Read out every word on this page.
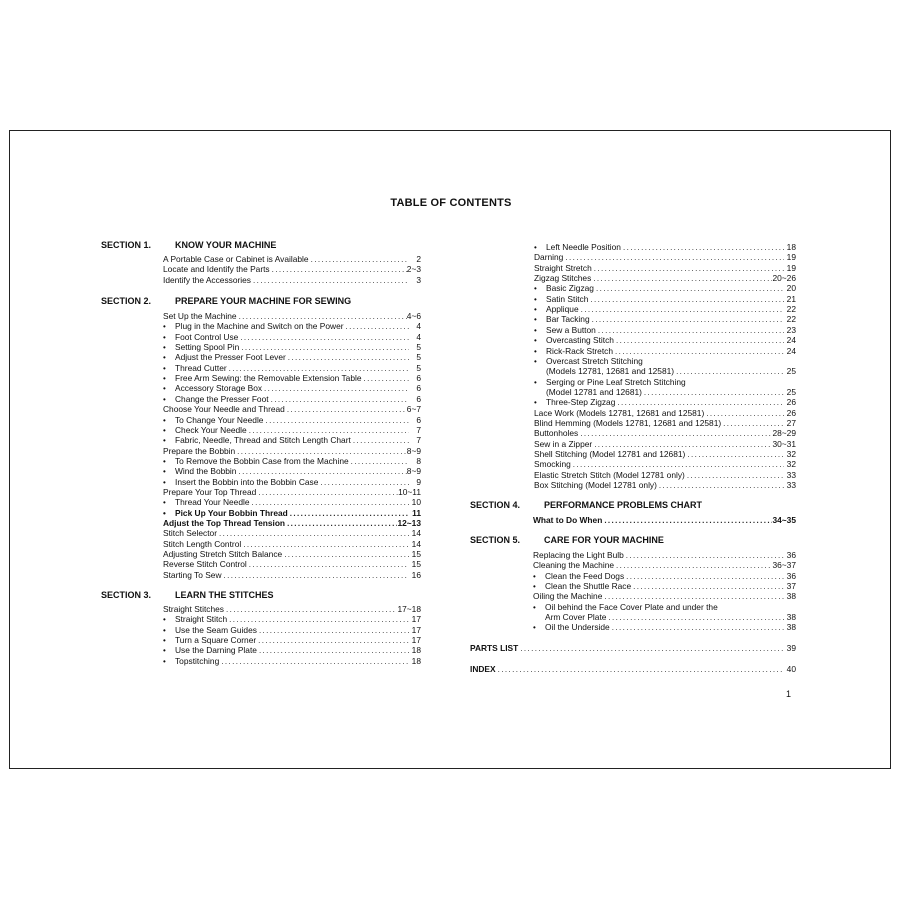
TABLE OF CONTENTS
SECTION 1.	KNOW YOUR MACHINE
A Portable Case or Cabinet is Available .....	2
Locate and Identify the Parts .....	2~3
Identify the Accessories .....	3
SECTION 2.	PREPARE YOUR MACHINE FOR SEWING
Set Up the Machine .....	4~6
•	Plug in the Machine and Switch on the Power .....	4
•	Foot Control Use .....	4
•	Setting Spool Pin .....	5
•	Adjust the Presser Foot Lever .....	5
•	Thread Cutter .....	5
•	Free Arm Sewing: the Removable Extension Table .....	6
•	Accessory Storage Box .....	6
•	Change the Presser Foot .....	6
Choose Your Needle and Thread .....	6~7
•	To Change Your Needle .....	6
•	Check Your Needle .....	7
•	Fabric, Needle, Thread and Stitch Length Chart .....	7
Prepare the Bobbin .....	8~9
•	To Remove the Bobbin Case from the Machine .....	8
•	Wind the Bobbin .....	8~9
•	Insert the Bobbin into the Bobbin Case .....	9
Prepare Your Top Thread .....	10~11
•	Thread Your Needle .....	10
•	Pick Up Your Bobbin Thread .....	11
Adjust the Top Thread Tension .....	12~13
Stitch Selector .....	14
Stitch Length Control .....	14
Adjusting Stretch Stitch Balance .....	15
Reverse Stitch Control .....	15
Starting To Sew .....	16
SECTION 3.	LEARN THE STITCHES
Straight Stitches .....	17~18
•	Straight Stitch .....	17
•	Use the Seam Guides .....	17
•	Turn a Square Corner .....	17
•	Use the Darning Plate .....	18
•	Topstitching .....	18
•	Left Needle Position .....	18
Darning .....	19
Straight Stretch .....	19
Zigzag Stitches .....	20~26
•	Basic Zigzag .....	20
•	Satin Stitch .....	21
•	Applique .....	22
•	Bar Tacking .....	22
•	Sew a Button .....	23
•	Overcasting Stitch .....	24
•	Rick-Rack Stretch .....	24
•	Overcast Stretch Stitching
(Models 12781, 12681 and 12581) .....	25
•	Serging or Pine Leaf Stretch Stitching
(Model 12781 and 12681) .....	25
•	Three-Step Zigzag .....	26
Lace Work (Models 12781, 12681 and 12581) .....	26
Blind Hemming (Models 12781, 12681 and 12581) .....	27
Buttonholes .....	28~29
Sew in a Zipper .....	30~31
Shell Stitching (Model 12781 and 12681) .....	32
Smocking .....	32
Elastic Stretch Stitch (Model 12781 only) .....	33
Box Stitching (Model 12781 only) .....	33
SECTION 4.	PERFORMANCE PROBLEMS CHART
What to Do When .....	34~35
SECTION 5.	CARE FOR YOUR MACHINE
Replacing the Light Bulb .....	36
Cleaning the Machine .....	36~37
•	Clean the Feed Dogs .....	36
•	Clean the Shuttle Race .....	37
Oiling the Machine .....	38
•	Oil behind the Face Cover Plate and under the
Arm Cover Plate .....	38
•	Oil the Underside .....	38
PARTS LIST .....	39
INDEX .....	40
1
